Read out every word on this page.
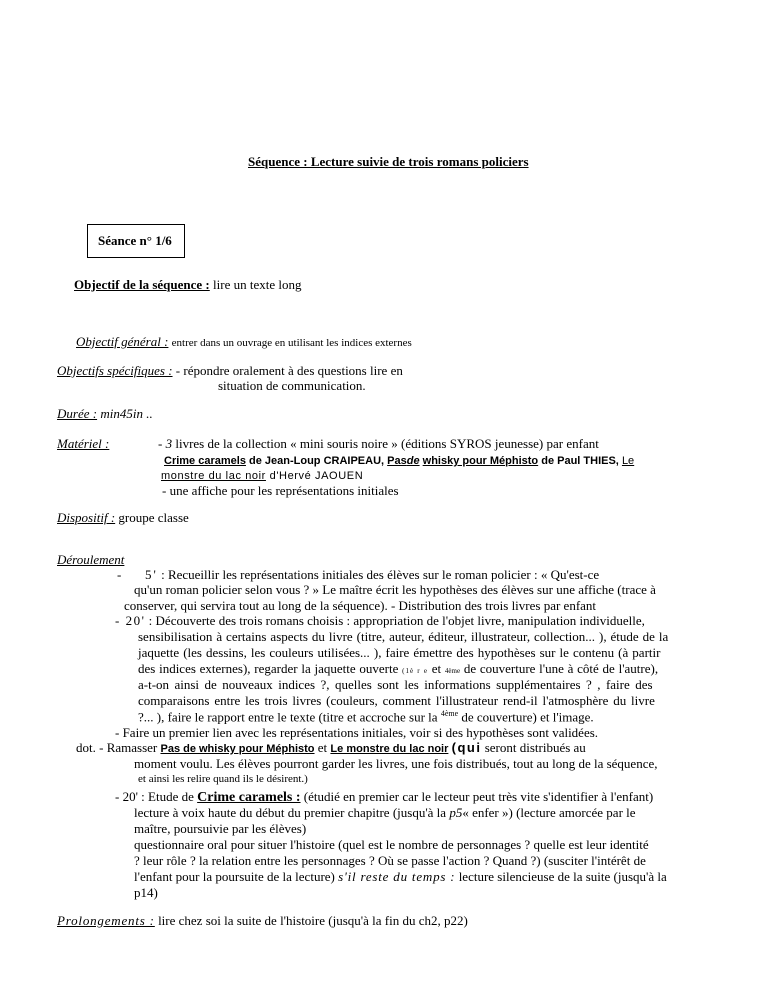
Séquence : Lecture suivie de trois romans policiers
Séance n° 1/6
Objectif de la séquence : lire un texte long
Objectif général : entrer dans un ouvrage en utilisant les indices externes
Objectifs spécifiques : - répondre oralement à des questions lire en
situation de communication.
Durée : min45in ..
Matériel :	- 3 livres de la collection « mini souris noire » (éditions SYROS jeunesse) par enfant
Crime caramels de Jean-Loup CRAIPEAU, Pasde whisky pour Méphisto de Paul THIES, Le
monstre du lac noir d'Hervé JAOUEN
- une affiche pour les représentations initiales
Dispositif : groupe classe
Déroulement
- 5' : Recueillir les représentations initiales des élèves sur le roman policier : « Qu'est-ce
qu'un roman policier selon vous ? » Le maître écrit les hypothèses des élèves sur une affiche (trace à
conserver, qui servira tout au long de la séquence). - Distribution des trois livres par enfant
- 20' : Découverte des trois romans choisis : appropriation de l'objet livre, manipulation individuelle,
sensibilisation à certains aspects du livre (titre, auteur, éditeur, illustrateur, collection... ), étude de la
jaquette (les dessins, les couleurs utilisées... ), faire émettre des hypothèses sur le contenu (à partir
des indices externes), regarder la jaquette ouverte (1è r e et 4ème de couverture l'une à côté de l'autre),
a-t-on ainsi de nouveaux indices ?, quelles sont les informations supplémentaires ? , faire des
comparaisons entre les trois livres (couleurs, comment l'illustrateur rend-il l'atmosphère du livre
?... ), faire le rapport entre le texte (titre et accroche sur la $^{4ème}$ de couverture) et l'image.
- Faire un premier lien avec les représentations initiales, voir si des hypothèses sont validées.
dot. - Ramasser Pas de whisky pour Méphisto et Le monstre du lac noir (qui seront distribués au
moment voulu. Les élèves pourront garder les livres, une fois distribués, tout au long de la séquence,
et ainsi les relire quand ils le désirent.)
- 20' : Etude de Crime caramels : (étudié en premier car le lecteur peut très vite s'identifier à l'enfant)
lecture à voix haute du début du premier chapitre (jusqu'à la p5« enfer ») (lecture amorcée par le
maître, poursuivie par les élèves)
questionnaire oral pour situer l'histoire (quel est le nombre de personnages ? quelle est leur identité
? leur rôle ? la relation entre les personnages ? Où se passe l'action ? Quand ?) (susciter l'intérêt de
l'enfant pour la poursuite de la lecture) s'il reste du temps : lecture silencieuse de la suite (jusqu'à la
p14)
Prolongements : lire chez soi la suite de l'histoire (jusqu'à la fin du ch2, p22)
